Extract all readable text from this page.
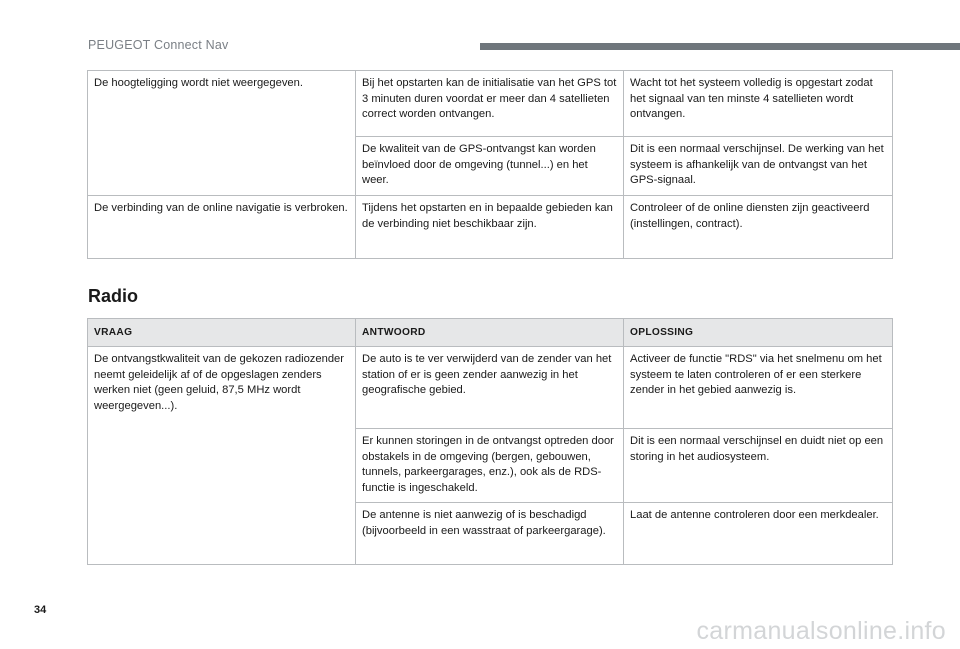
PEUGEOT Connect Nav
De hoogteligging wordt niet weergegeven.	Bij het opstarten kan de initialisatie van het GPS tot 3 minuten duren voordat er meer dan 4 satellieten correct worden ontvangen.	Wacht tot het systeem volledig is opgestart zodat het signaal van ten minste 4 satellieten wordt ontvangen.
	De kwaliteit van de GPS-ontvangst kan worden beïnvloed door de omgeving (tunnel...) en het weer.	Dit is een normaal verschijnsel. De werking van het systeem is afhankelijk van de ontvangst van het GPS-signaal.
De verbinding van de online navigatie is verbroken.	Tijdens het opstarten en in bepaalde gebieden kan de verbinding niet beschikbaar zijn.	Controleer of de online diensten zijn geactiveerd (instellingen, contract).
Radio
VRAAG	ANTWOORD	OPLOSSING
De ontvangstkwaliteit van de gekozen radiozender neemt geleidelijk af of de opgeslagen zenders werken niet (geen geluid, 87,5 MHz wordt weergegeven...).	De auto is te ver verwijderd van de zender van het station of er is geen zender aanwezig in het geografische gebied.	Activeer de functie "RDS" via het snelmenu om het systeem te laten controleren of er een sterkere zender in het gebied aanwezig is.
	Er kunnen storingen in de ontvangst optreden door obstakels in de omgeving (bergen, gebouwen, tunnels, parkeergarages, enz.), ook als de RDS-functie is ingeschakeld.	Dit is een normaal verschijnsel en duidt niet op een storing in het audiosysteem.
	De antenne is niet aanwezig of is beschadigd (bijvoorbeeld in een wasstraat of parkeergarage).	Laat de antenne controleren door een merkdealer.
34
carmanualsonline.info
